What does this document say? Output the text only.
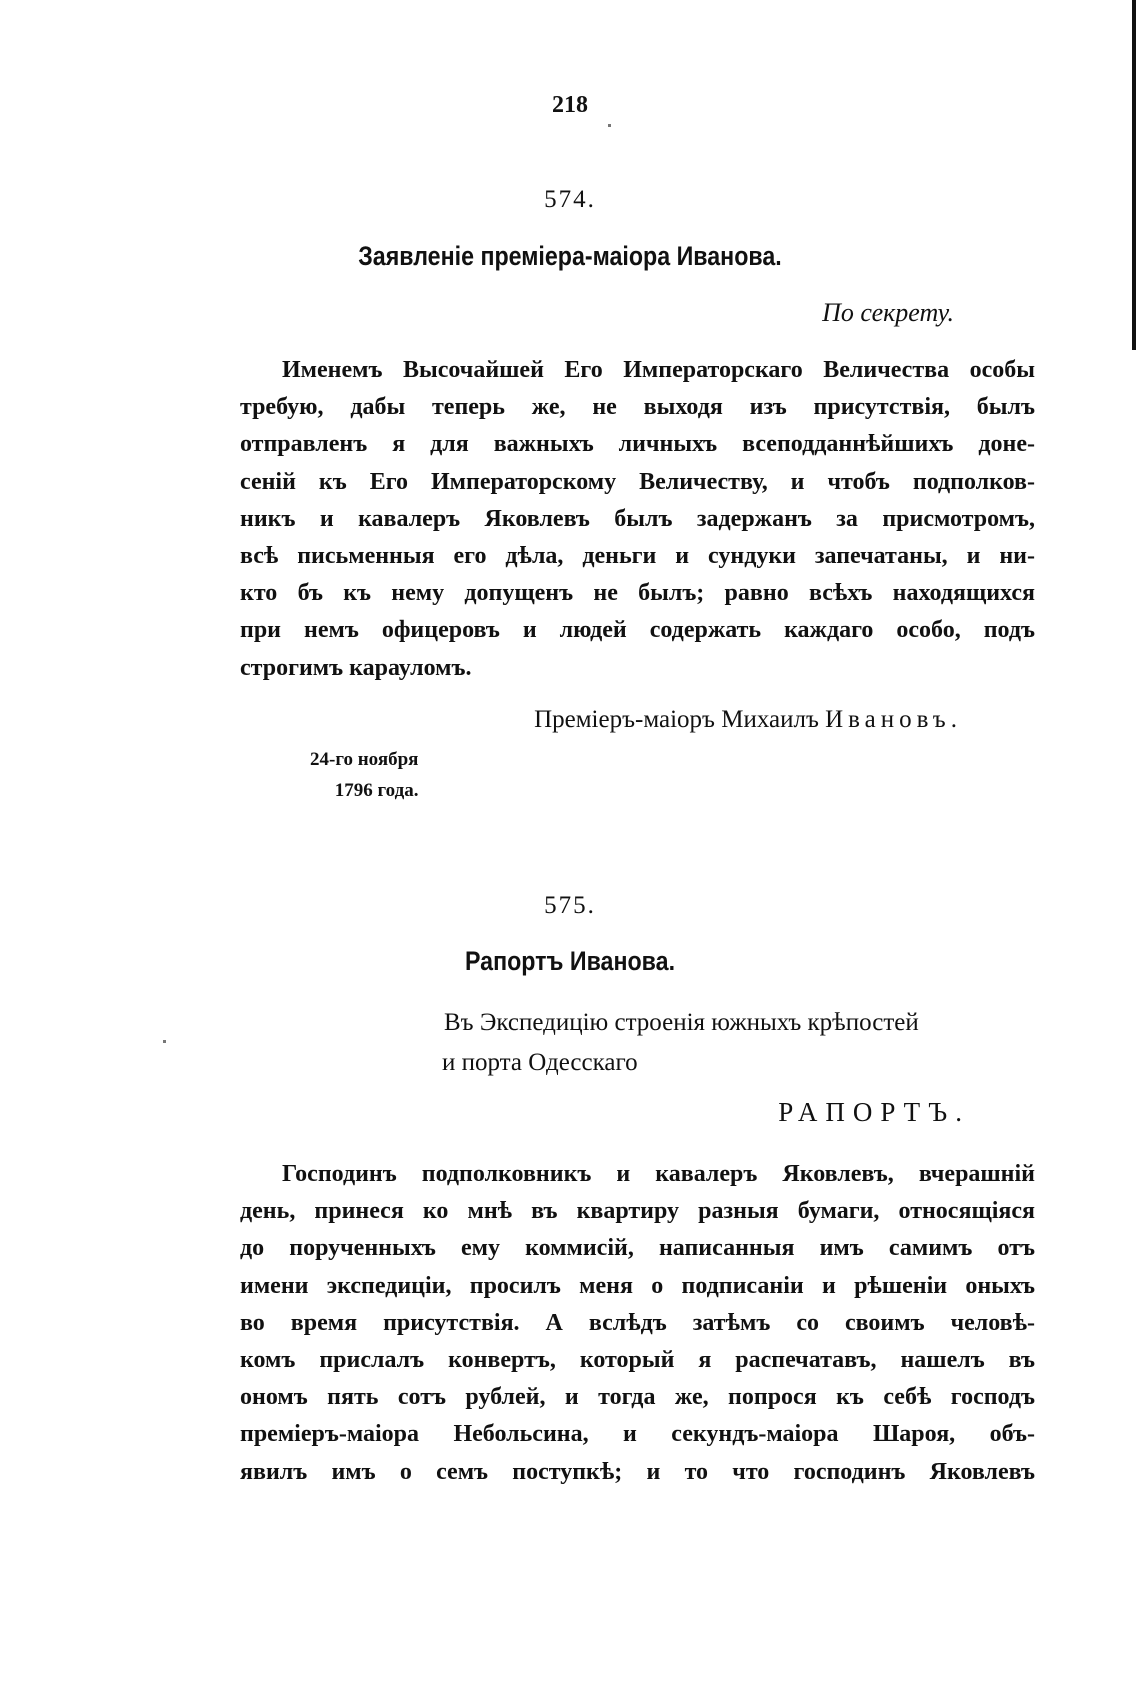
218
574.
Заявленіе премiера-маіора Иванова.
По секрету.
Именемъ Высочайшей Его Императорскаго Величества особы
требую, дабы теперь же, не выходя изъ присутствія, былъ
отправленъ я для важныхъ личныхъ всеподданнѣйшихъ доне-
сеній къ Его Императорскому Величеству, и чтобъ подполков-
никъ и кавалеръ Яковлевъ былъ задержанъ за присмотромъ,
всѣ письменныя его дѣла, деньги и сундуки запечатаны, и ни-
кто бъ къ нему допущенъ не былъ; равно всѣхъ находящихся
при немъ офицеровъ и людей содержать каждаго особо, подъ
строгимъ карауломъ.
Премiеръ-маiоръ Михаилъ Ивановъ.
24-го ноября
1796 года.
575.
Рапортъ Иванова.
Въ Экспедицію строенія южныхъ крѣпостей
и порта Одесскаго
РАПОРТЪ.
Господинъ подполковникъ и кавалеръ Яковлевъ, вчерашній
день, принеся ко мнѣ въ квартиру разныя бумаги, относящіяся
до порученныхъ ему коммисій, написанныя имъ самимъ отъ
имени экспедиціи, просилъ меня о подписаніи и рѣшеніи оныхъ
во время присутствія. А вслѣдъ затѣмъ со своимъ человѣ-
комъ прислалъ конвертъ, который я распечатавъ, нашелъ въ
ономъ пять сотъ рублей, и тогда же, попрося къ себѣ господъ
премiеръ-маiора Небольсина, и секундъ-маiора Шароя, объ-
явилъ имъ о семъ поступкѣ; и то что господинъ Яковлевъ
